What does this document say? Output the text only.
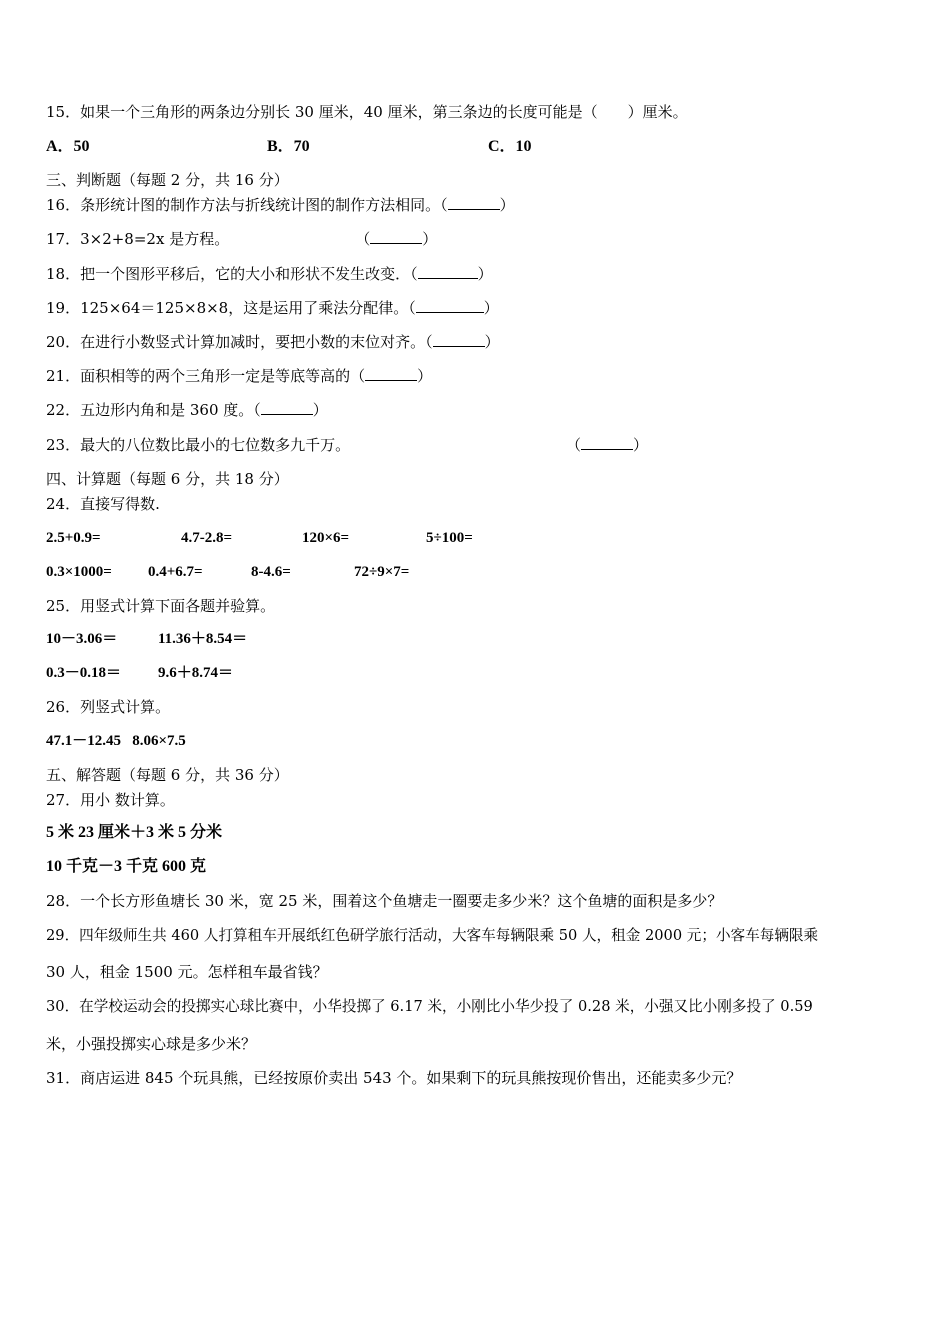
15．如果一个三角形的两条边分别长 30 厘米，40 厘米，第三条边的长度可能是（　　）厘米。
A．50	B．70	C．10
三、判断题（每题 2 分，共 16 分）
16．条形统计图的制作方法与折线统计图的制作方法相同。（	）
17．3×2+8=2x 是方程。	（	）
18．把一个图形平移后，它的大小和形状不发生改变．（	）
19．125×64＝125×8×8，这是运用了乘法分配律。（	）
20．在进行小数竖式计算加减时，要把小数的末位对齐。（	）
21．面积相等的两个三角形一定是等底等高的（	）
22．五边形内角和是 360 度。（	）
23．最大的八位数比最小的七位数多九千万。	（	）
四、计算题（每题 6 分，共 18 分）
24．直接写得数.
2.5+0.9=	4.7-2.8=	120×6=	5÷100=
0.3×1000= 0.4+6.7=	8-4.6=	72÷9×7=
25．用竖式计算下面各题并验算。
10－3.06＝	11.36＋8.54＝
0.3－0.18＝ 9.6＋8.74＝
26．列竖式计算。
47.1－12.45   8.06×7.5
五、解答题（每题 6 分，共 36 分）
27．用小 数计算。
5 米 23 厘米＋3 米 5 分米
10 千克－3 千克 600 克
28．一个长方形鱼塘长 30 米，宽 25 米，围着这个鱼塘走一圈要走多少米？这个鱼塘的面积是多少？
29．四年级师生共 460 人打算租车开展纸红色研学旅行活动，大客车每辆限乘 50 人，租金 2000 元；小客车每辆限乘
30 人，租金 1500 元。怎样租车最省钱？
30．在学校运动会的投掷实心球比赛中，小华投掷了 6.17 米，小刚比小华少投了 0.28 米，小强又比小刚多投了 0.59
米，小强投掷实心球是多少米？
31．商店运进 845 个玩具熊，已经按原价卖出 543 个。如果剩下的玩具熊按现价售出，还能卖多少元？
